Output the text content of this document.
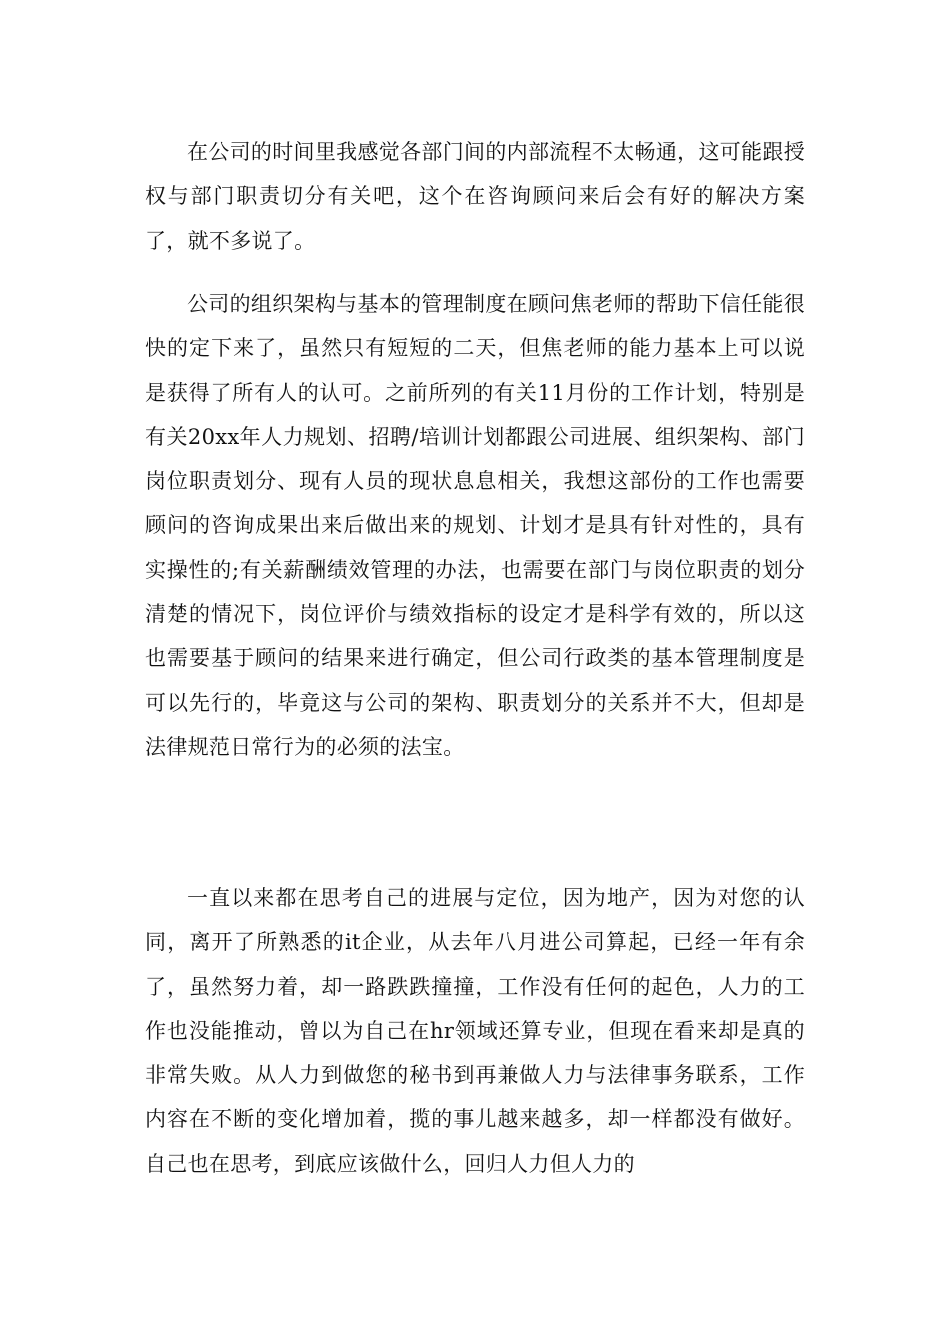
在公司的时间里我感觉各部门间的内部流程不太畅通，这可能跟授权与部门职责切分有关吧，这个在咨询顾问来后会有好的解决方案了，就不多说了。

公司的组织架构与基本的管理制度在顾问焦老师的帮助下信任能很快的定下来了，虽然只有短短的二天，但焦老师的能力基本上可以说是获得了所有人的认可。之前所列的有关11月份的工作计划，特别是有关20xx年人力规划、招聘/培训计划都跟公司进展、组织架构、部门岗位职责划分、现有人员的现状息息相关，我想这部份的工作也需要顾问的咨询成果出来后做出来的规划、计划才是具有针对性的，具有实操性的;有关薪酬绩效管理的办法，也需要在部门与岗位职责的划分清楚的情况下，岗位评价与绩效指标的设定才是科学有效的，所以这也需要基于顾问的结果来进行确定，但公司行政类的基本管理制度是可以先行的，毕竟这与公司的架构、职责划分的关系并不大，但却是法律规范日常行为的必须的法宝。

一直以来都在思考自己的进展与定位，因为地产，因为对您的认同，离开了所熟悉的it企业，从去年八月进公司算起，已经一年有余了，虽然努力着，却一路跌跌撞撞，工作没有任何的起色，人力的工作也没能推动，曾以为自己在hr领域还算专业，但现在看来却是真的非常失败。从人力到做您的秘书到再兼做人力与法律事务联系，工作内容在不断的变化增加着，揽的事儿越来越多，却一样都没有做好。自己也在思考，到底应该做什么，回归人力但人力的
